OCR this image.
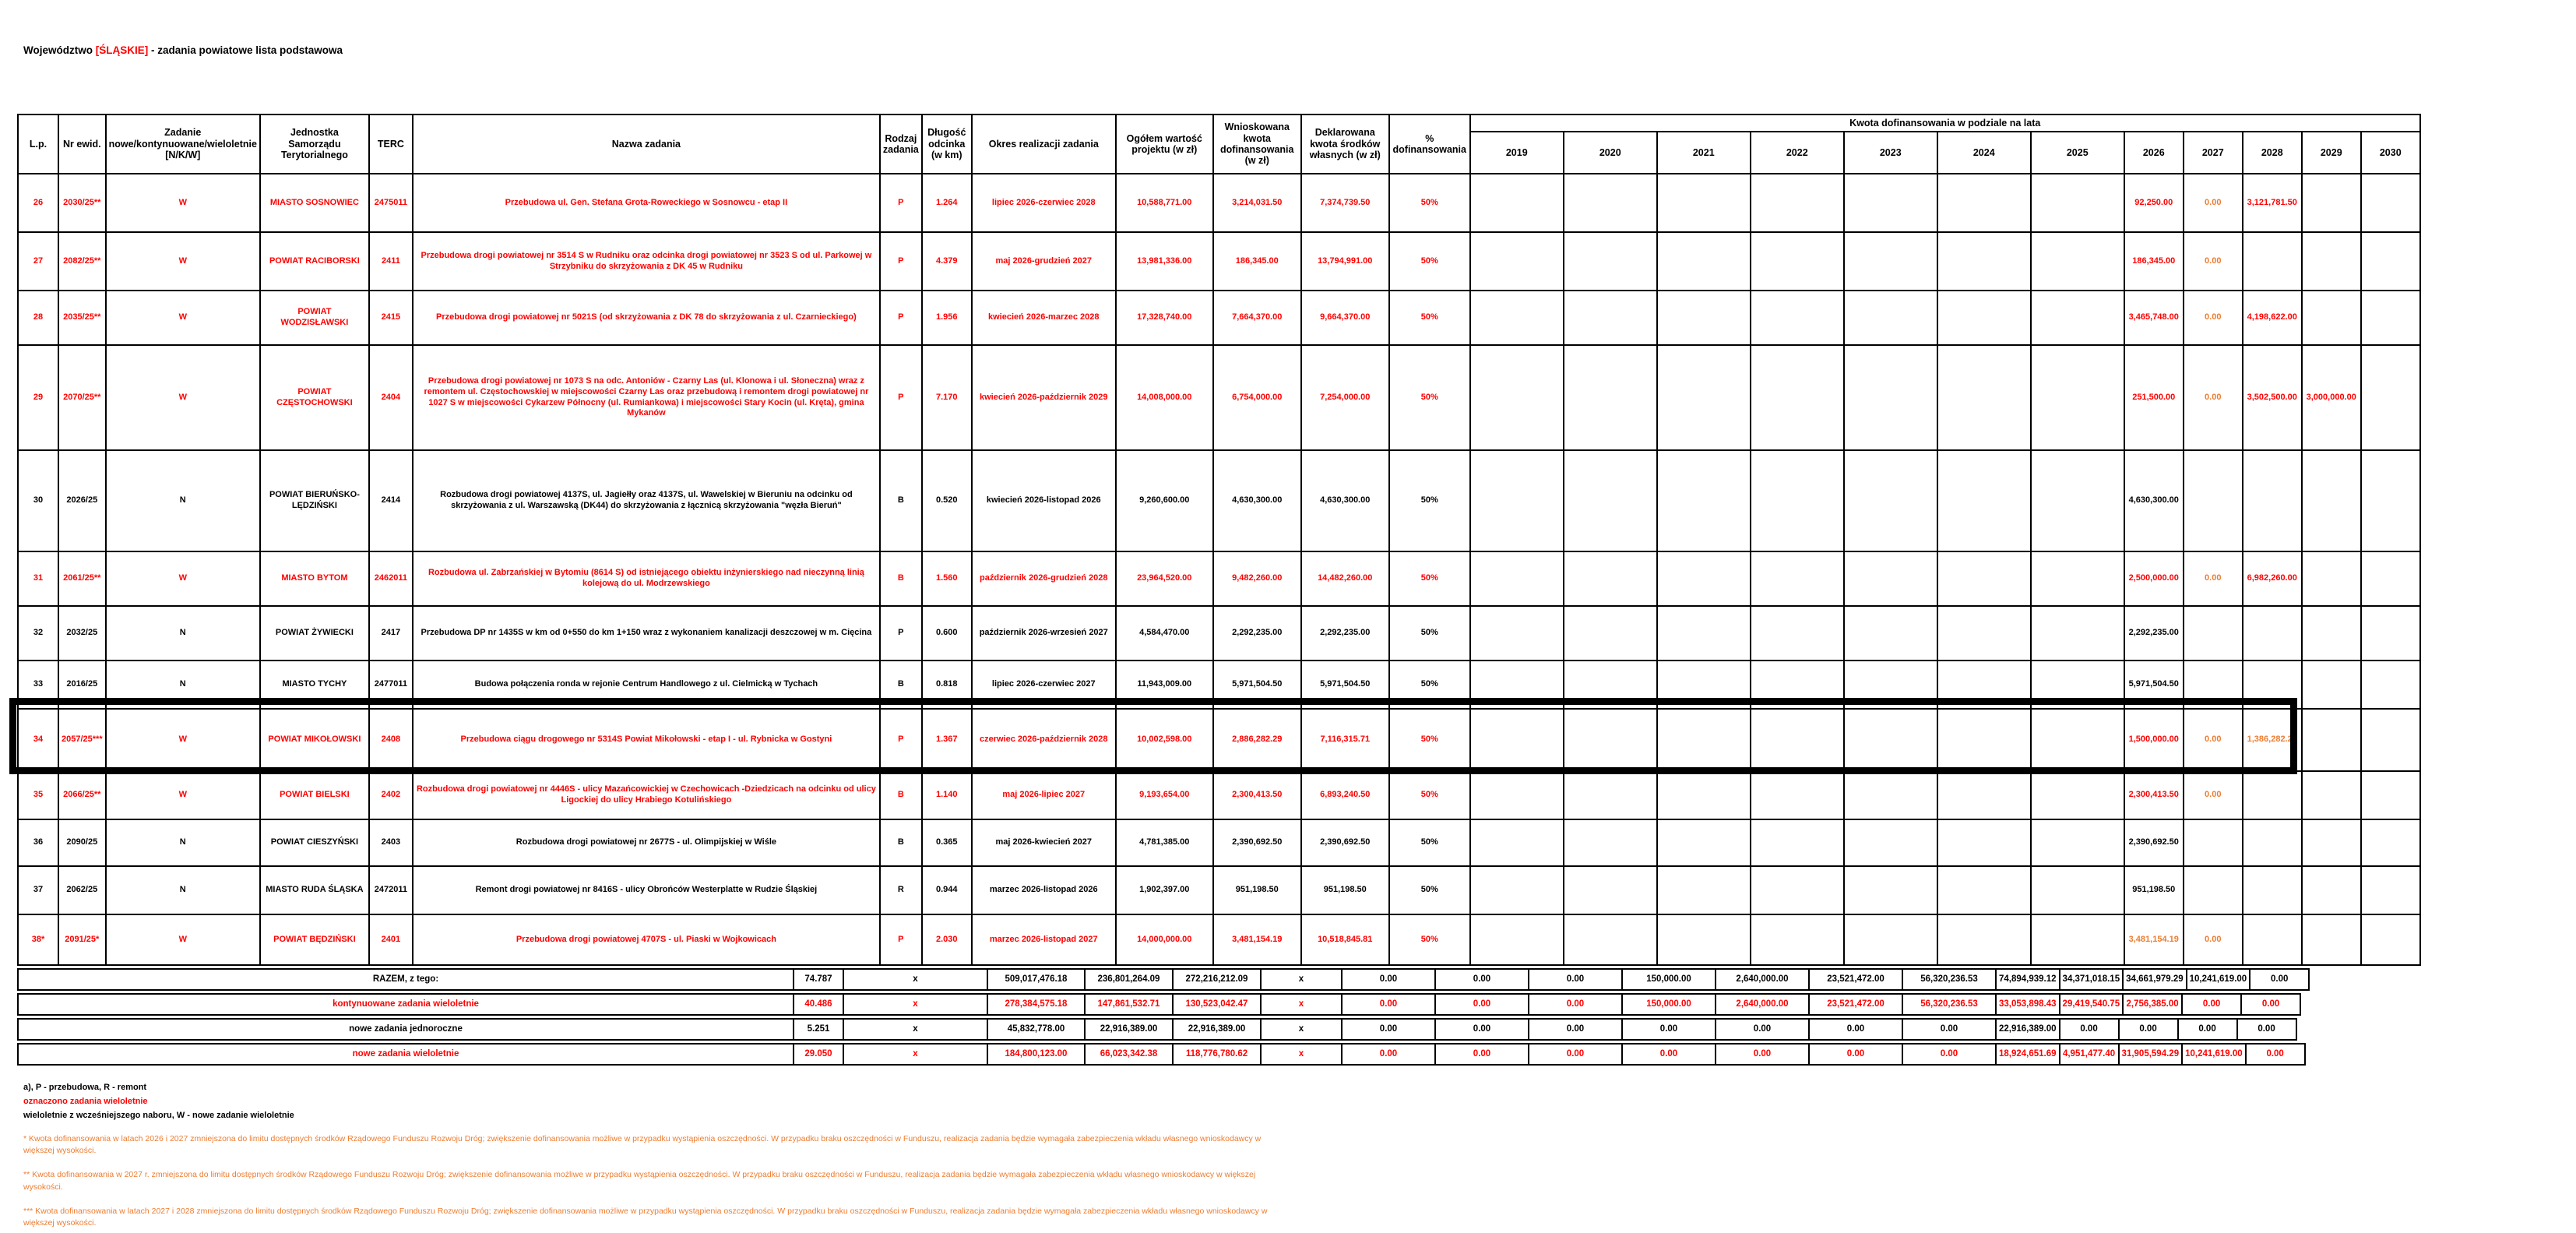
Województwo [ŚLĄSKIE] - zadania powiatowe lista podstawowa
L.p.	Nr ewid.	Zadanie nowe/kontynuowane/wieloletnie [N/K/W]	Jednostka Samorządu Terytorialnego	TERC	Nazwa zadania	Rodzaj zadania	Długość odcinka (w km)	Okres realizacji zadania	Ogółem wartość projektu (w zł)	Wnioskowana kwota dofinansowania (w zł)	Deklarowana kwota środków własnych (w zł)	% dofinansowania	Kwota dofinansowania w podziale na lata											
													2019	2020	2021	2022	2023	2024	2025	2026	2027	2028	2029	2030
26	2030/25**	W	MIASTO SOSNOWIEC	2475011	Przebudowa ul. Gen. Stefana Grota-Roweckiego w Sosnowcu - etap II	P	1.264	lipiec 2026-czerwiec 2028	10,588,771.00	3,214,031.50	7,374,739.50	50%								92,250.00	0.00	3,121,781.50		
27	2082/25**	W	POWIAT RACIBORSKI	2411	Przebudowa drogi powiatowej nr 3514 S w Rudniku oraz odcinka drogi powiatowej nr 3523 S od ul. Parkowej w Strzybniku do skrzyżowania z DK 45 w Rudniku	P	4.379	maj 2026-grudzień 2027	13,981,336.00	186,345.00	13,794,991.00	50%								186,345.00	0.00			
28	2035/25**	W	POWIAT WODZISŁAWSKI	2415	Przebudowa drogi powiatowej nr 5021S (od skrzyżowania z DK 78 do skrzyżowania z ul. Czarnieckiego)	P	1.956	kwiecień 2026-marzec 2028	17,328,740.00	7,664,370.00	9,664,370.00	50%								3,465,748.00	0.00	4,198,622.00		
29	2070/25**	W	POWIAT CZĘSTOCHOWSKI	2404	Przebudowa drogi powiatowej nr 1073 S na odc. Antoniów - Czarny Las (ul. Klonowa i ul. Słoneczna) wraz z remontem ul. Częstochowskiej w miejscowości Czarny Las oraz przebudową i remontem drogi powiatowej nr 1027 S w miejscowości Cykarzew Północny (ul. Rumiankowa) i miejscowości Stary Kocin (ul. Kręta), gmina Mykanów	P	7.170	kwiecień 2026-październik 2029	14,008,000.00	6,754,000.00	7,254,000.00	50%								251,500.00	0.00	3,502,500.00	3,000,000.00	
30	2026/25	N	POWIAT BIERUŃSKO-LĘDZIŃSKI	2414	Rozbudowa drogi powiatowej 4137S, ul. Jagiełły oraz 4137S, ul. Wawelskiej w Bieruniu na odcinku od skrzyżowania z ul. Warszawską (DK44) do skrzyżowania z łącznicą skrzyżowania "węzła Bieruń"	B	0.520	kwiecień 2026-listopad 2026	9,260,600.00	4,630,300.00	4,630,300.00	50%								4,630,300.00				
31	2061/25**	W	MIASTO BYTOM	2462011	Rozbudowa ul. Zabrzańskiej w Bytomiu (8614 S) od istniejącego obiektu inżynierskiego nad nieczynną linią kolejową do ul. Modrzewskiego	B	1.560	październik 2026-grudzień 2028	23,964,520.00	9,482,260.00	14,482,260.00	50%								2,500,000.00	0.00	6,982,260.00		
32	2032/25	N	POWIAT ŻYWIECKI	2417	Przebudowa DP nr 1435S w km od 0+550 do km 1+150 wraz z wykonaniem kanalizacji deszczowej w m. Cięcina	P	0.600	październik 2026-wrzesień 2027	4,584,470.00	2,292,235.00	2,292,235.00	50%								2,292,235.00				
33	2016/25	N	MIASTO TYCHY	2477011	Budowa połączenia ronda w rejonie Centrum Handlowego z ul. Cielmicką w Tychach	B	0.818	lipiec 2026-czerwiec 2027	11,943,009.00	5,971,504.50	5,971,504.50	50%								5,971,504.50				
34	2057/25***	W	POWIAT MIKOŁOWSKI	2408	Przebudowa ciągu drogowego nr 5314S Powiat Mikołowski - etap I - ul. Rybnicka w Gostyni	P	1.367	czerwiec 2026-październik 2028	10,002,598.00	2,886,282.29	7,116,315.71	50%								1,500,000.00	0.00	1,386,282.29		
35	2066/25**	W	POWIAT BIELSKI	2402	Rozbudowa drogi powiatowej nr 4446S - ulicy Mazańcowickiej w Czechowicach -Dziedzicach na odcinku od ulicy Ligockiej do ulicy Hrabiego Kotulińskiego	B	1.140	maj 2026-lipiec 2027	9,193,654.00	2,300,413.50	6,893,240.50	50%								2,300,413.50	0.00			
36	2090/25	N	POWIAT CIESZYŃSKI	2403	Rozbudowa drogi powiatowej nr 2677S - ul. Olimpijskiej w Wiśle	B	0.365	maj 2026-kwiecień 2027	4,781,385.00	2,390,692.50	2,390,692.50	50%								2,390,692.50				
37	2062/25	N	MIASTO RUDA ŚLĄSKA	2472011	Remont drogi powiatowej nr 8416S - ulicy Obrońców Westerplatte w Rudzie Śląskiej	R	0.944	marzec 2026-listopad 2026	1,902,397.00	951,198.50	951,198.50	50%								951,198.50				
38*	2091/25*	W	POWIAT BĘDZIŃSKI	2401	Przebudowa drogi powiatowej 4707S - ul. Piaski w Wojkowicach	P	2.030	marzec 2026-listopad 2027	14,000,000.00	3,481,154.19	10,518,845.81	50%								3,481,154.19	0.00			
RAZEM, z tego:	74.787	x	509,017,476.18	236,801,264.09	272,216,212.09	x	0.00	0.00	0.00	150,000.00	2,640,000.00	23,521,472.00	56,320,236.53	74,894,939.12	34,371,018.15	34,661,979.29	10,241,619.00	0.00
kontynuowane zadania wieloletnie	40.486	x	278,384,575.18	147,861,532.71	130,523,042.47	x	0.00	0.00	0.00	150,000.00	2,640,000.00	23,521,472.00	56,320,236.53	33,053,898.43	29,419,540.75	2,756,385.00	0.00	0.00
nowe zadania jednoroczne	5.251	x	45,832,778.00	22,916,389.00	22,916,389.00	x	0.00	0.00	0.00	0.00	0.00	0.00	0.00	22,916,389.00	0.00	0.00	0.00	0.00
nowe zadania wieloletnie	29.050	x	184,800,123.00	66,023,342.38	118,776,780.62	x	0.00	0.00	0.00	0.00	0.00	0.00	0.00	18,924,651.69	4,951,477.40	31,905,594.29	10,241,619.00	0.00
a), P - przebudowa, R - remont
oznaczono zadania wieloletnie
wieloletnie z wcześniejszego naboru, W - nowe zadanie wieloletnie
* Kwota dofinansowania w latach 2026 i 2027 zmniejszona do limitu dostępnych środków Rządowego Funduszu Rozwoju Dróg; zwiększenie dofinansowania możliwe w przypadku wystąpienia oszczędności. W przypadku braku oszczędności w Funduszu, realizacja zadania będzie wymagała zabezpieczenia wkładu własnego wnioskodawcy w większej wysokości.
** Kwota dofinansowania w 2027 r. zmniejszona do limitu dostępnych środków Rządowego Funduszu Rozwoju Dróg; zwiększenie dofinansowania możliwe w przypadku wystąpienia oszczędności. W przypadku braku oszczędności w Funduszu, realizacja zadania będzie wymagała zabezpieczenia wkładu własnego wnioskodawcy w większej wysokości.
*** Kwota dofinansowania w latach 2027 i 2028 zmniejszona do limitu dostępnych środków Rządowego Funduszu Rozwoju Dróg; zwiększenie dofinansowania możliwe w przypadku wystąpienia oszczędności. W przypadku braku oszczędności w Funduszu, realizacja zadania będzie wymagała zabezpieczenia wkładu własnego wnioskodawcy w większej wysokości.
